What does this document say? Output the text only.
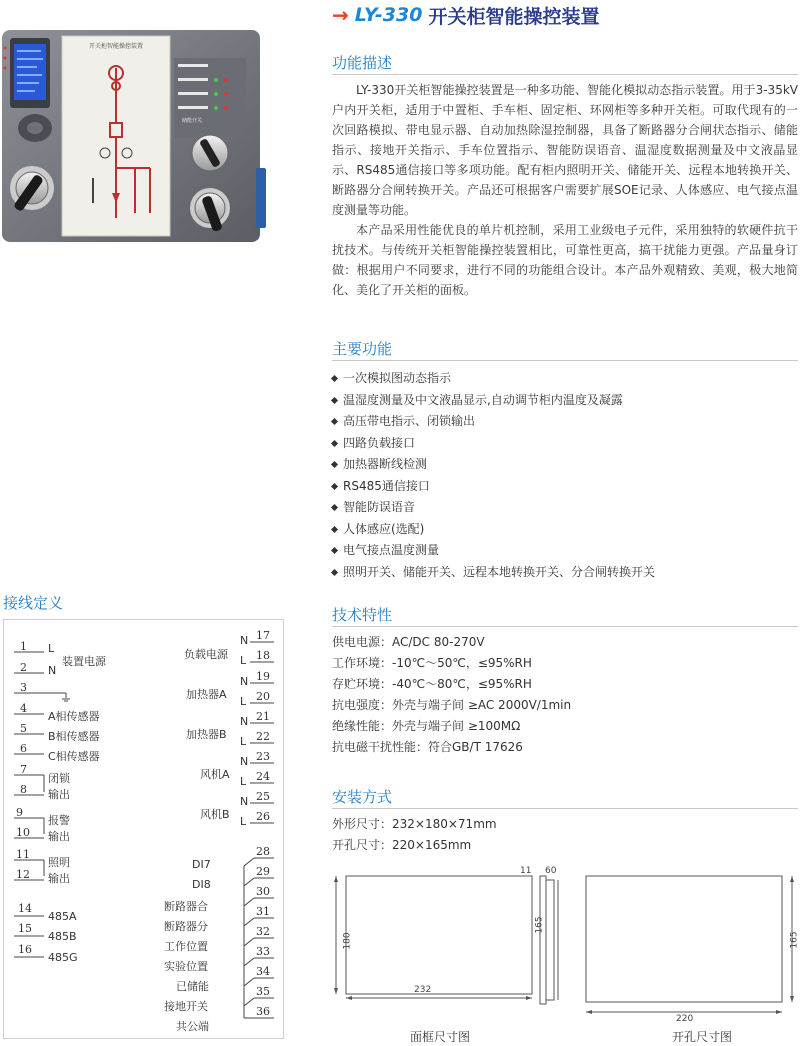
→ LY-330 开关柜智能操控装置
开关柜智能操控装置
储能开关
功能描述

LY-330开关柜智能操控装置是一种多功能、智能化模拟动态指示装置。用于3-35kV户内开关柜，适用于中置柜、手车柜、固定柜、环网柜等多种开关柜。可取代现有的一次回路模拟、带电显示器、自动加热除湿控制器，具备了断路器分合闸状态指示、储能指示、接地开关指示、手车位置指示、智能防误语音、温湿度数据测量及中文液晶显示、RS485通信接口等多项功能。配有柜内照明开关、储能开关、远程本地转换开关、断路器分合闸转换开关。产品还可根据客户需要扩展SOE记录、人体感应、电气接点温度测量等功能。

本产品采用性能优良的单片机控制，采用工业级电子元件，采用独特的软硬件抗干扰技术。与传统开关柜智能操控装置相比，可靠性更高，搞干扰能力更强。产品量身订做：根据用户不同要求，进行不同的功能组合设计。本产品外观精致、美观，极大地简化、美化了开关柜的面板。

主要功能
一次模拟图动态指示
温湿度测量及中文液晶显示,自动调节柜内温度及凝露
高压带电指示、闭锁输出
四路负载接口
加热器断线检测
RS485通信接口
智能防误语音
人体感应(选配)
电气接点温度测量
照明开关、储能开关、远程本地转换开关、分合闸转换开关
技术特性
供电电源：AC/DC 80-270V
工作环境：-10℃～50℃，≤95%RH
存贮环境：-40℃～80℃，≤95%RH
抗电强度：外壳与端子间 ≥AC 2000V/1min
绝缘性能：外壳与端子间 ≥100MΩ
抗电磁干扰性能：符合GB/T 17626
安装方式
外形尺寸：232×180×71mm
开孔尺寸：220×165mm
180
232
11 60
165
面框尺寸图
165
220
开孔尺寸图
接线定义
1
2
3
4
5
6
7
8
9
10
11
12
14
15
16
L
N
装置电源
A相传感器
B相传感器
C相传感器
闭锁
输出
报警
输出
照明
输出
485A
485B
485G
负载电源
加热器A
加热器B
风机A
风机B
N
L
N
L
N
L
N
L
N
L
17
18
19
20
21
22
23
24
25
26
28
29
30
31
32
33
34
35
36
DI7
DI8
断路器合
断路器分
工作位置
实验位置
已储能
接地开关
共公端
